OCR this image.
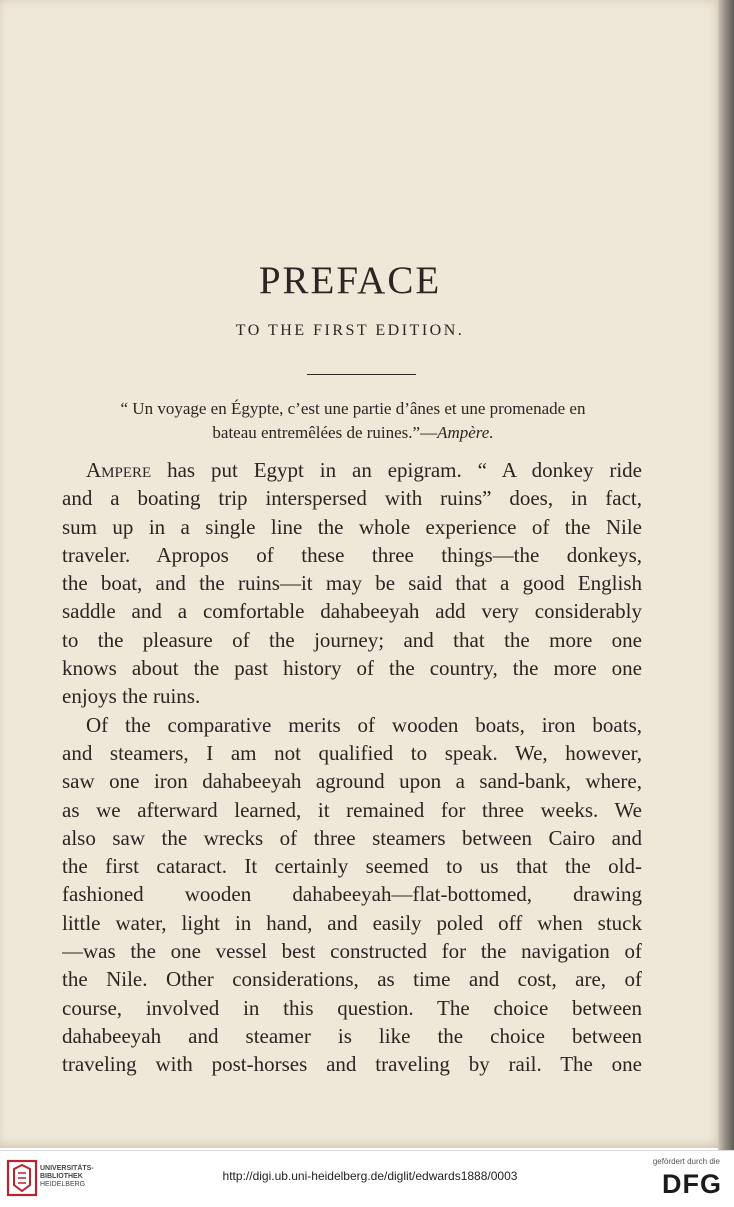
PREFACE
TO THE FIRST EDITION.
“ Un voyage en Égypte, c’est une partie d’ânes et une promenade en
bateau entremêlées de ruines.”—Ampère.
Ampere has put Egypt in an epigram. “ A donkey ride
and a boating trip interspersed with ruins” does, in fact,
sum up in a single line the whole experience of the Nile
traveler. Apropos of these three things—the donkeys,
the boat, and the ruins—it may be said that a good English
saddle and a comfortable dahabeeyah add very considerably
to the pleasure of the journey; and that the more one
knows about the past history of the country, the more one
enjoys the ruins.
Of the comparative merits of wooden boats, iron boats,
and steamers, I am not qualified to speak. We, however,
saw one iron dahabeeyah aground upon a sand-bank, where,
as we afterward learned, it remained for three weeks. We
also saw the wrecks of three steamers between Cairo and
the first cataract. It certainly seemed to us that the old-
fashioned wooden dahabeeyah—flat-bottomed, drawing
little water, light in hand, and easily poled off when stuck
—was the one vessel best constructed for the navigation of
the Nile. Other considerations, as time and cost, are, of
course, involved in this question. The choice between
dahabeeyah and steamer is like the choice between
traveling with post-horses and traveling by rail. The one
UNIVERSITÄTS-
BIBLIOTHEK
HEIDELBERG
http://digi.ub.uni-heidelberg.de/diglit/edwards1888/0003
gefördert durch die
DFG
